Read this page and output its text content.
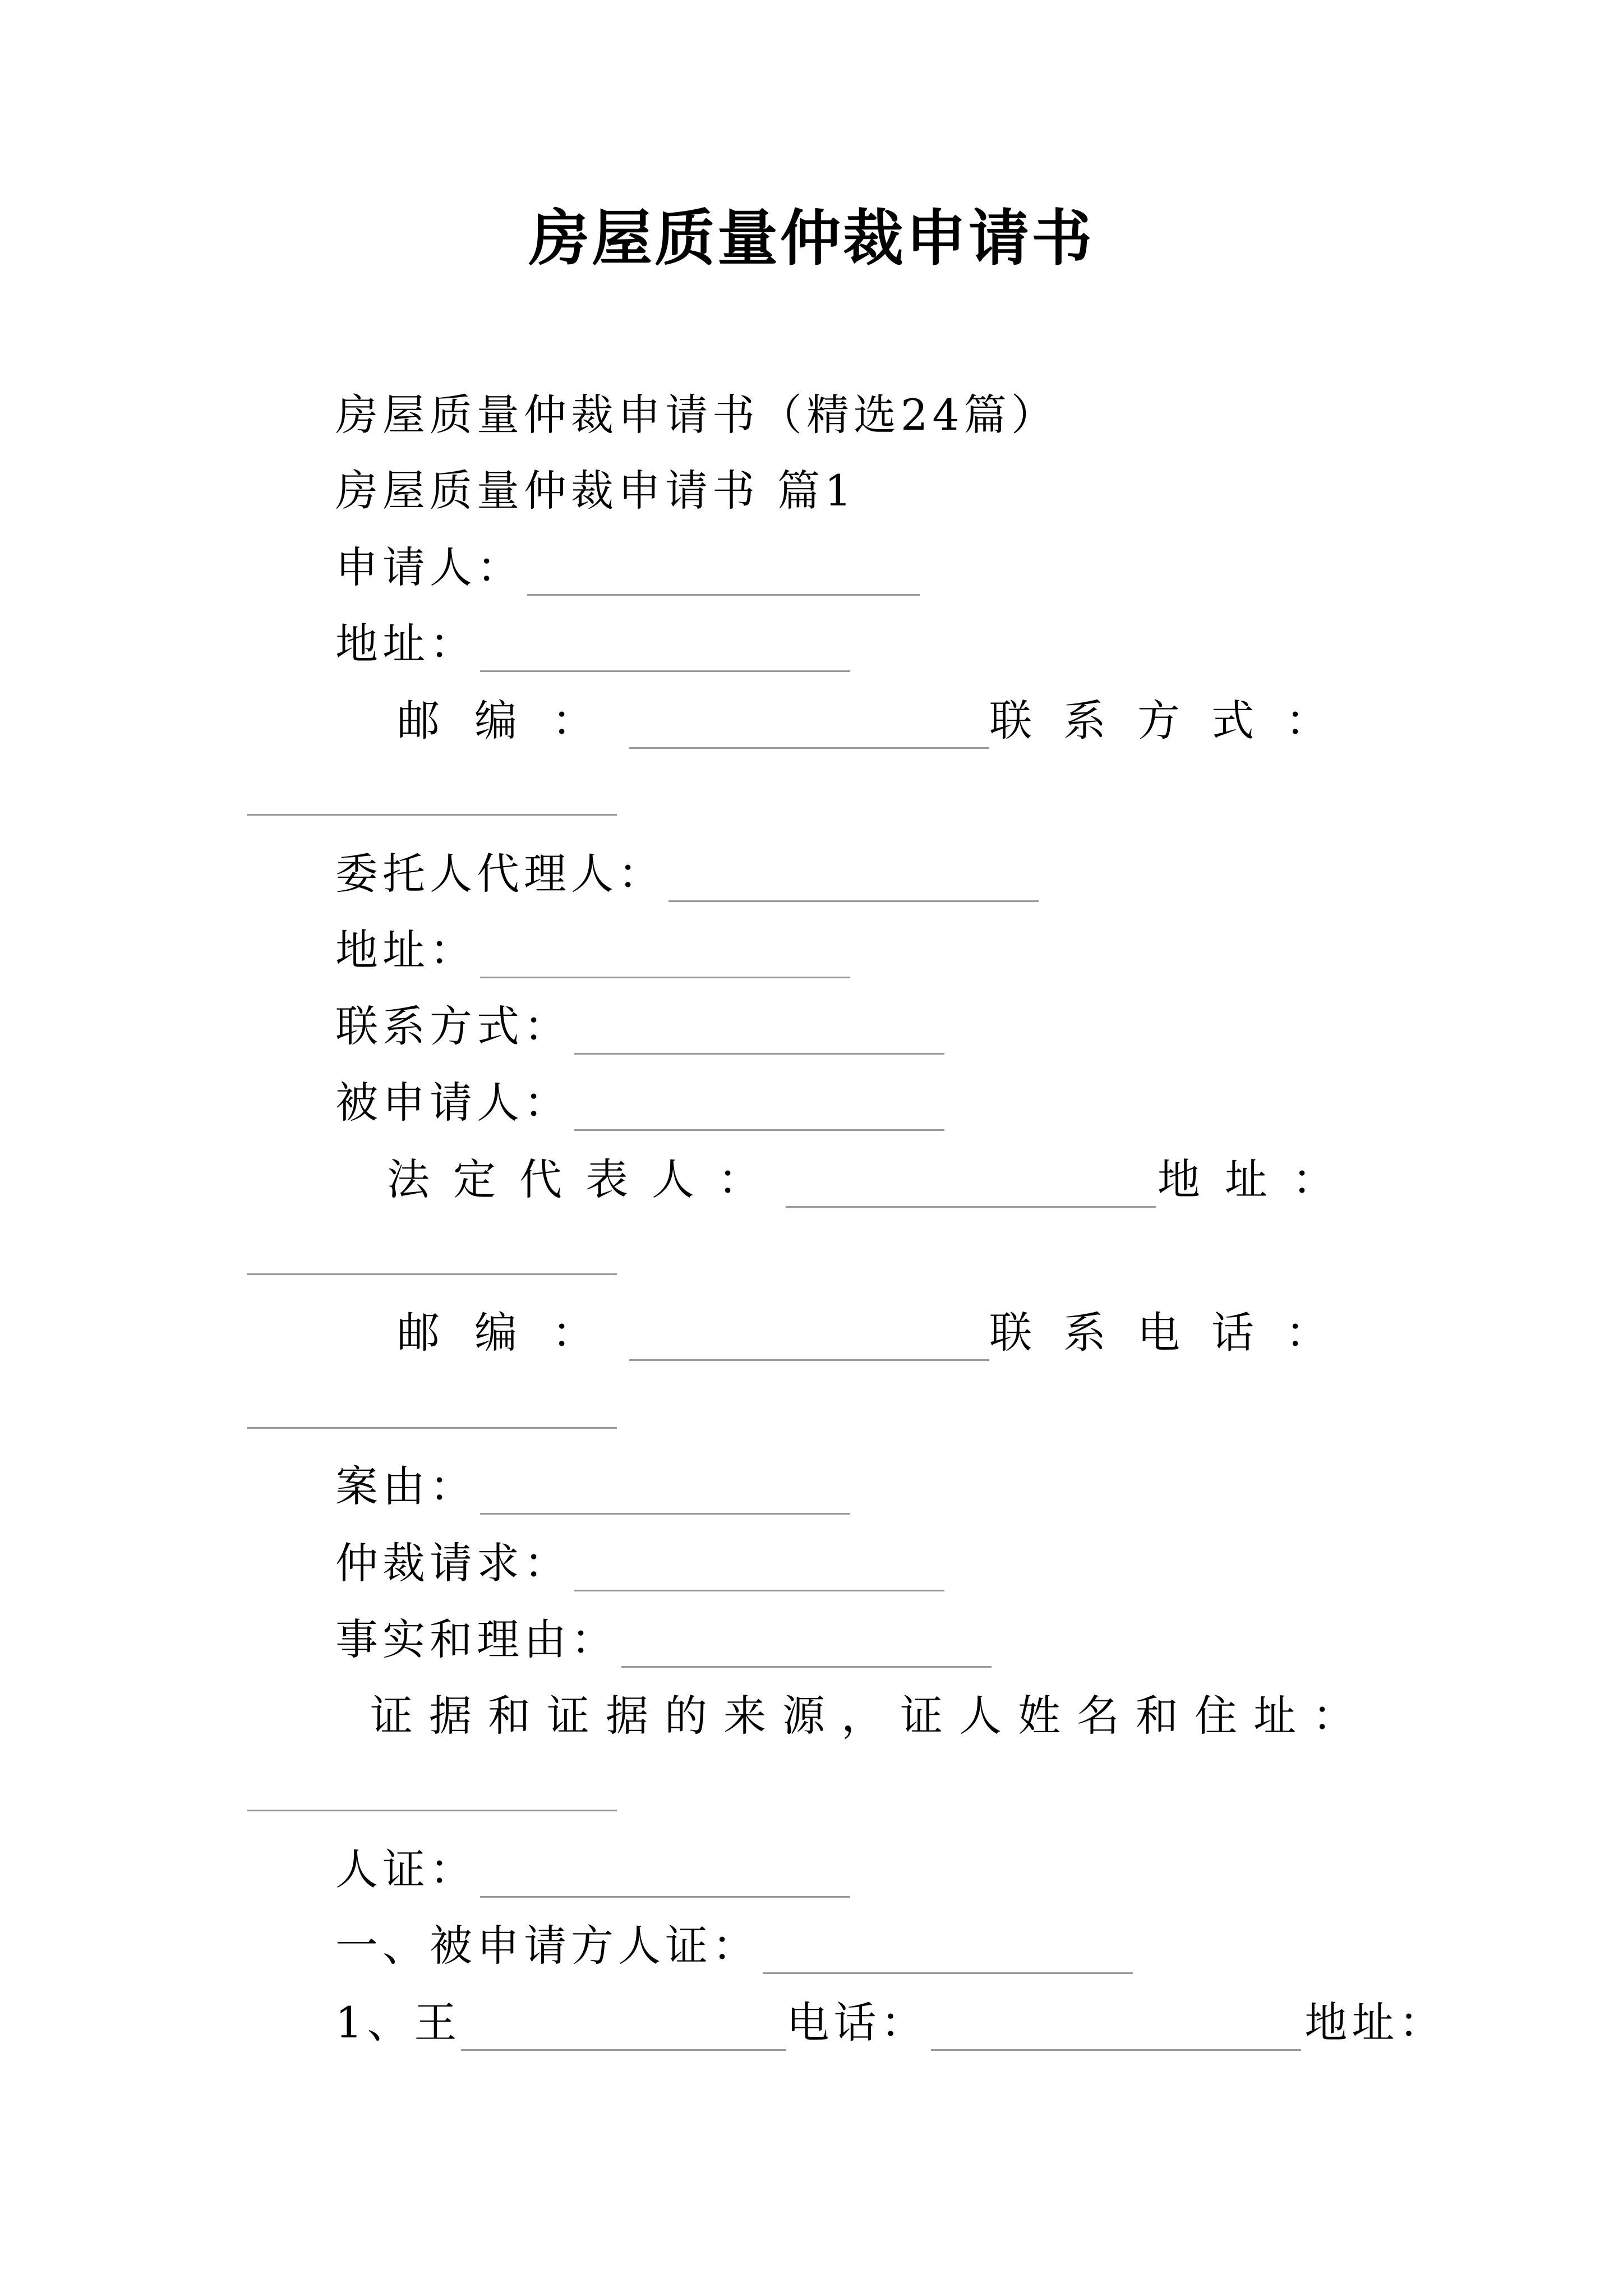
房屋质量仲裁申请书
房屋质量仲裁申请书（精选24篇）
房屋质量仲裁申请书 篇1
申请人：
地址：
邮编：	联系方式：
委托人代理人：
地址：
联系方式：
被申请人：
法定代表人：	地址：
邮编：	联系电话：
案由：
仲裁请求：
事实和理由：
证据和证据的来源，证人姓名和住址：
人证：
一、被申请方人证：
1、王	电话：	地址：
